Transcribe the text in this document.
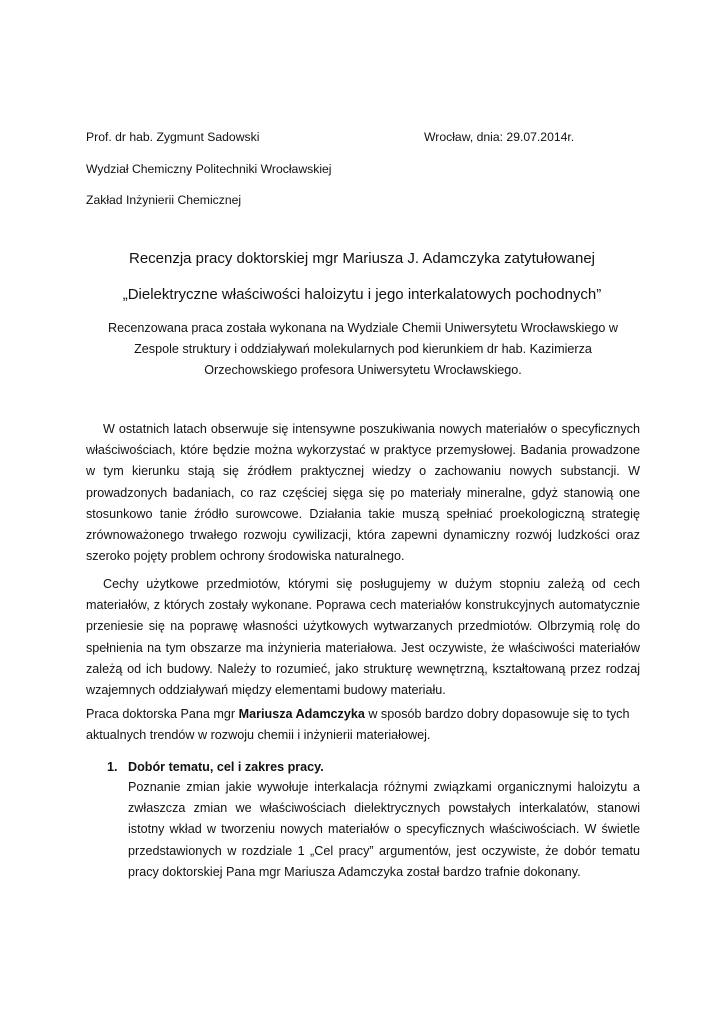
Prof. dr hab. Zygmunt Sadowski	Wrocław, dnia: 29.07.2014r.
Wydział Chemiczny Politechniki Wrocławskiej
Zakład Inżynierii Chemicznej
Recenzja pracy doktorskiej mgr Mariusza J. Adamczyka zatytułowanej
„Dielektryczne właściwości haloizytu i jego interkalatowych pochodnych”
Recenzowana praca została wykonana na Wydziale Chemii Uniwersytetu Wrocławskiego w
Zespole struktury i oddziaływań molekularnych pod kierunkiem dr hab. Kazimierza
Orzechowskiego profesora Uniwersytetu Wrocławskiego.

W ostatnich latach obserwuje się intensywne poszukiwania nowych materiałów o specyficznych właściwościach, które będzie można wykorzystać w praktyce przemysłowej. Badania prowadzone w tym kierunku stają się źródłem praktycznej wiedzy o zachowaniu nowych substancji. W prowadzonych badaniach, co raz częściej sięga się po materiały mineralne, gdyż stanowią one stosunkowo tanie źródło surowcowe. Działania takie muszą spełniać proekologiczną strategię zrównoważonego trwałego rozwoju cywilizacji, która zapewni dynamiczny rozwój ludzkości oraz szeroko pojęty problem ochrony środowiska naturalnego.

Cechy użytkowe przedmiotów, którymi się posługujemy w dużym stopniu zależą od cech materiałów, z których zostały wykonane. Poprawa cech materiałów konstrukcyjnych automatycznie przeniesie się na poprawę własności użytkowych wytwarzanych przedmiotów. Olbrzymią rolę do spełnienia na tym obszarze ma inżynieria materiałowa. Jest oczywiste, że właściwości materiałów zależą od ich budowy. Należy to rozumieć, jako strukturę wewnętrzną, kształtowaną przez rodzaj wzajemnych oddziaływań między elementami budowy materiału.

Praca doktorska Pana mgr Mariusza Adamczyka w sposób bardzo dobry dopasowuje się to tych aktualnych trendów w rozwoju chemii i inżynierii materiałowej.

1. Dobór tematu, cel i zakres pracy.

Poznanie zmian jakie wywołuje interkalacja różnymi związkami organicznymi haloizytu a zwłaszcza zmian we właściwościach dielektrycznych powstałych interkalatów, stanowi istotny wkład w tworzeniu nowych materiałów o specyficznych właściwościach. W świetle przedstawionych w rozdziale 1 „Cel pracy” argumentów, jest oczywiste, że dobór tematu pracy doktorskiej Pana mgr Mariusza Adamczyka został bardzo trafnie dokonany.
